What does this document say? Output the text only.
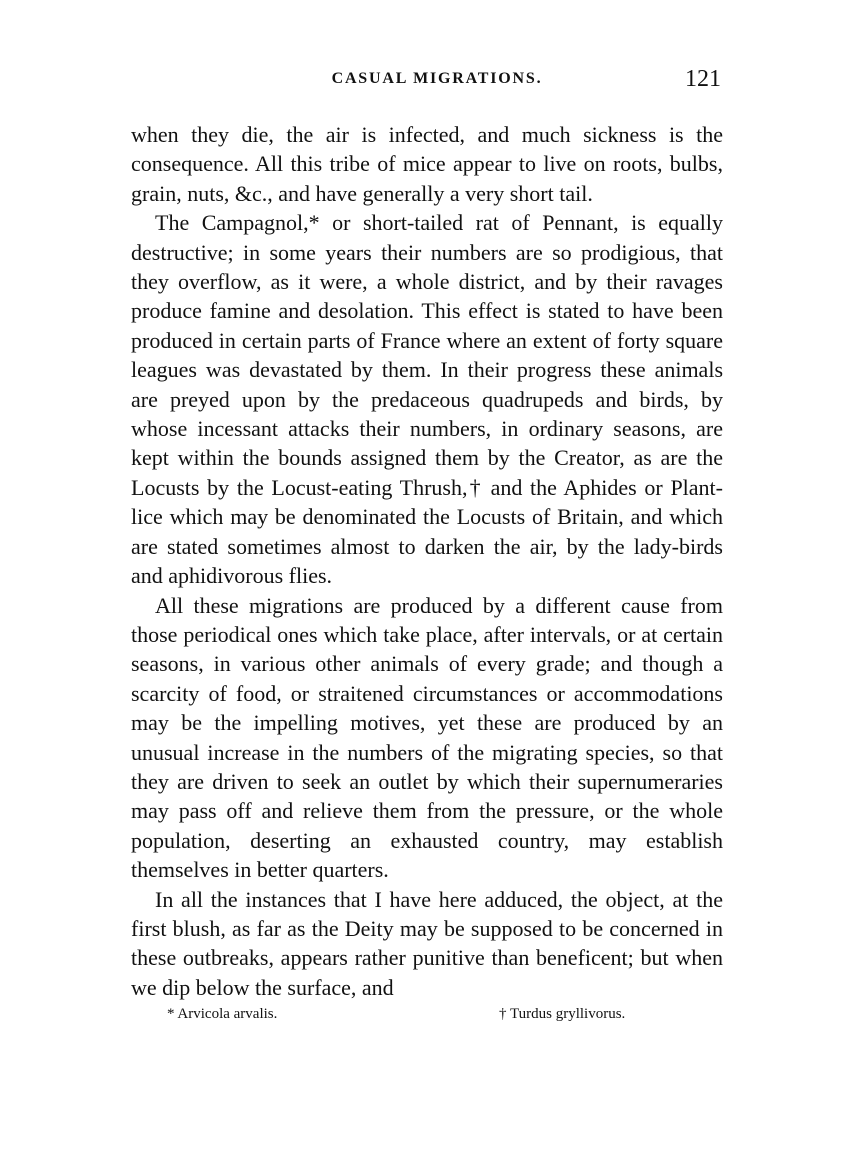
CASUAL MIGRATIONS.	121

when they die, the air is infected, and much sickness is the consequence. All this tribe of mice appear to live on roots, bulbs, grain, nuts, &c., and have generally a very short tail.

The Campagnol,* or short-tailed rat of Pennant, is equally destructive; in some years their numbers are so prodigious, that they overflow, as it were, a whole district, and by their ravages produce famine and desolation. This effect is stated to have been produced in certain parts of France where an extent of forty square leagues was devastated by them. In their progress these animals are preyed upon by the predaceous quadrupeds and birds, by whose incessant attacks their numbers, in ordinary seasons, are kept within the bounds assigned them by the Creator, as are the Locusts by the Locust-eating Thrush,† and the Aphides or Plant-lice which may be denominated the Locusts of Britain, and which are stated sometimes almost to darken the air, by the lady-birds and aphidivorous flies.

All these migrations are produced by a different cause from those periodical ones which take place, after intervals, or at certain seasons, in various other animals of every grade; and though a scarcity of food, or straitened circumstances or accommodations may be the impelling motives, yet these are produced by an unusual increase in the numbers of the migrating species, so that they are driven to seek an outlet by which their supernumeraries may pass off and relieve them from the pressure, or the whole population, deserting an exhausted country, may establish themselves in better quarters.

In all the instances that I have here adduced, the object, at the first blush, as far as the Deity may be supposed to be concerned in these outbreaks, appears rather punitive than beneficent; but when we dip below the surface, and

* Arvicola arvalis.	† Turdus gryllivorus.
